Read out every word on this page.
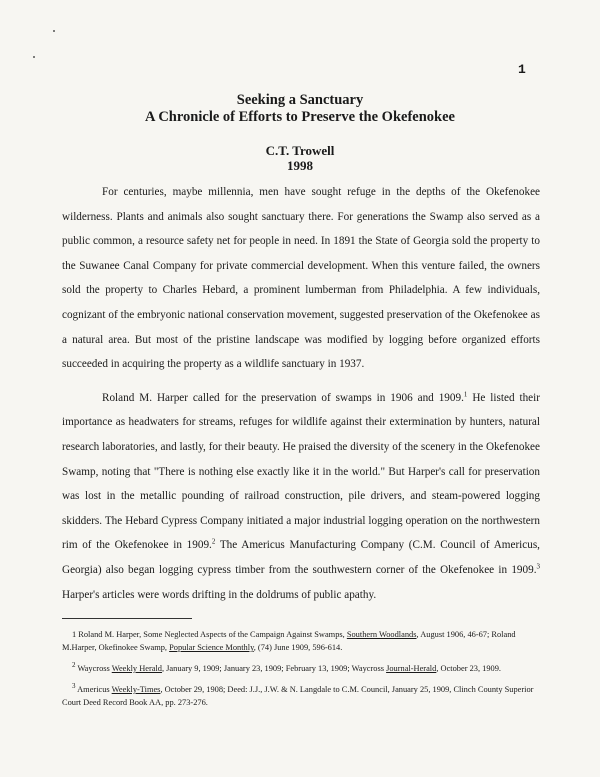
1
Seeking a Sanctuary
A Chronicle of Efforts to Preserve the Okefenokee
C.T. Trowell
1998

For centuries, maybe millennia, men have sought refuge in the depths of the Okefenokee wilderness. Plants and animals also sought sanctuary there. For generations the Swamp also served as a public common, a resource safety net for people in need. In 1891 the State of Georgia sold the property to the Suwanee Canal Company for private commercial development. When this venture failed, the owners sold the property to Charles Hebard, a prominent lumberman from Philadelphia. A few individuals, cognizant of the embryonic national conservation movement, suggested preservation of the Okefenokee as a natural area. But most of the pristine landscape was modified by logging before organized efforts succeeded in acquiring the property as a wildlife sanctuary in 1937.

Roland M. Harper called for the preservation of swamps in 1906 and 1909.$^1$ He listed their importance as headwaters for streams, refuges for wildlife against their extermination by hunters, natural research laboratories, and lastly, for their beauty. He praised the diversity of the scenery in the Okefenokee Swamp, noting that "There is nothing else exactly like it in the world." But Harper's call for preservation was lost in the metallic pounding of railroad construction, pile drivers, and steam-powered logging skidders. The Hebard Cypress Company initiated a major industrial logging operation on the northwestern rim of the Okefenokee in 1909.$^2$ The Americus Manufacturing Company (C.M. Council of Americus, Georgia) also began logging cypress timber from the southwestern corner of the Okefenokee in 1909.$^3$ Harper's articles were words drifting in the doldrums of public apathy.

1 Roland M. Harper, Some Neglected Aspects of the Campaign Against Swamps, Southern Woodlands, August 1906, 46-67; Roland M.Harper, Okefinokee Swamp, Popular Science Monthly, (74) June 1909, 596-614.

$^2$ Waycross Weekly Herald, January 9, 1909; January 23, 1909; February 13, 1909; Waycross Journal-Herald, October 23, 1909.

$^3$ Americus Weekly-Times, October 29, 1908; Deed: J.J., J.W. & N. Langdale to C.M. Council, January 25, 1909, Clinch County Superior Court Deed Record Book AA, pp. 273-276.
